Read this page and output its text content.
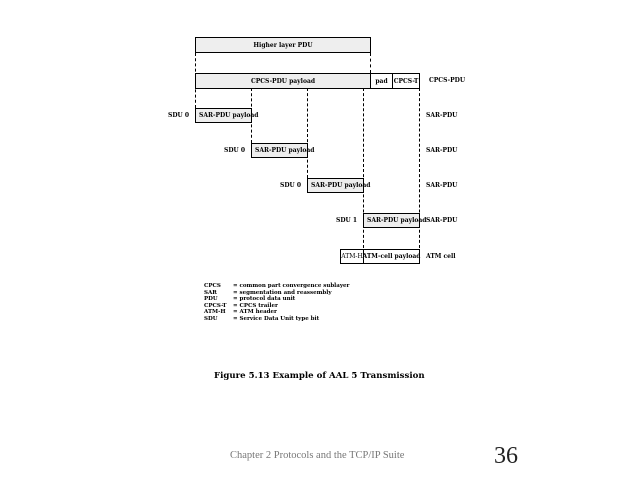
Higher layer PDU
CPCS-PDU payload	pad	CPCS-T CPCS-PDU
SDU 0	SAR-PDU payload	SAR-PDU
SDU 0	SAR-PDU payload	SAR-PDU
SDU 0	SAR-PDU payload	SAR-PDU
SDU 1	SAR-PDU payload SAR-PDU
ATM-H ATM-cell payload ATM cell
CPCS	= common part convergence sublayer
SAR	= segmentation and reassembly
PDU	= protocol data unit
CPCS-T	= CPCS trailer
ATM-H	= ATM header
SDU	= Service Data Unit type bit
Figure 5.13 Example of AAL 5 Transmission
Chapter 2 Protocols and the TCP/IP Suite	36
